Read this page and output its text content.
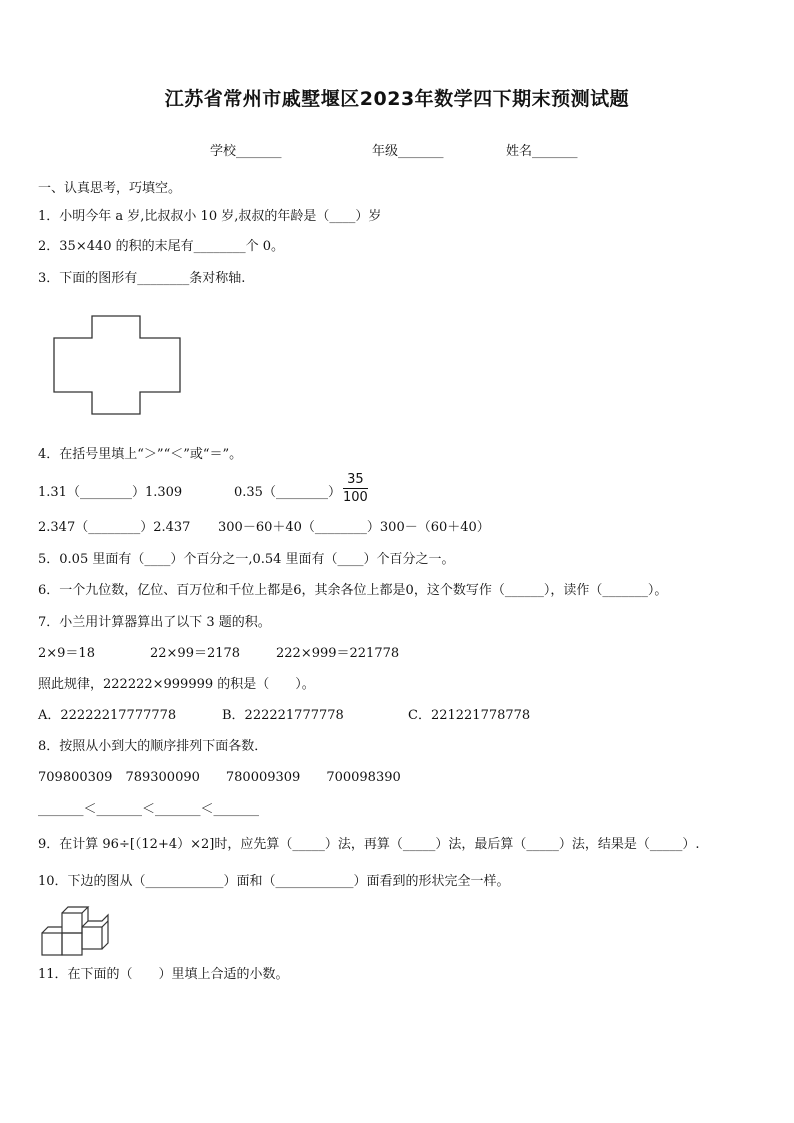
江苏省常州市戚墅堰区2023年数学四下期末预测试题
学校_______	年级_______	姓名_______
一、认真思考，巧填空。
1．小明今年 a 岁,比叔叔小 10 岁,叔叔的年龄是（____）岁
2．35×440 的积的末尾有________个 0。
3．下面的图形有________条对称轴.
4．在括号里填上“＞”“＜”或“＝”。
1.31（________）1.309	0.35（________）
35
100
2.347（________）2.437 300－60＋40（________）300－（60＋40）
5．0.05 里面有（____）个百分之一,0.54 里面有（____）个百分之一。
6．一个九位数，亿位、百万位和千位上都是6，其余各位上都是0，这个数写作（______），读作（_______）。
7．小兰用计算器算出了以下 3 题的积。
2×9＝18	22×99＝2178	222×999＝221778
照此规律，222222×999999 的积是（　　）。
A．22222217777778	B．222221777778	C．221221778778
8．按照从小到大的顺序排列下面各数．
709800309　789300090　　780009309　　700098390
_______＜_______＜_______＜_______
9．在计算 96÷[（12+4）×2]时，应先算（_____）法，再算（_____）法，最后算（_____）法，结果是（_____）.
10．下边的图从（____________）面和（____________）面看到的形状完全一样。
11．在下面的（　　）里填上合适的小数。
